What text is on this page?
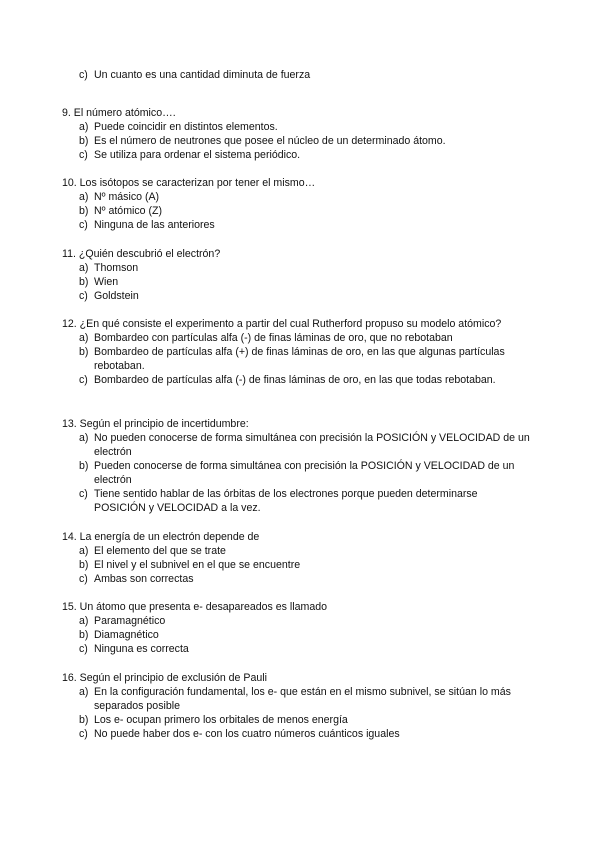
c) Un cuanto es una cantidad diminuta de fuerza
9. El número atómico….
a) Puede coincidir en distintos elementos.
b) Es el número de neutrones que posee el núcleo de un determinado átomo.
c) Se utiliza para ordenar el sistema periódico.
10. Los isótopos se caracterizan por tener el mismo…
a) Nº másico (A)
b) Nº atómico (Z)
c) Ninguna de las anteriores
11. ¿Quién descubrió el electrón?
a) Thomson
b) Wien
c) Goldstein
12. ¿En qué consiste el experimento a partir del cual Rutherford propuso su modelo atómico?
a) Bombardeo con partículas alfa (-) de finas láminas de oro, que no rebotaban
b) Bombardeo de partículas alfa (+) de finas láminas de oro, en las que algunas partículas rebotaban.
c) Bombardeo de partículas alfa (-) de finas láminas de oro, en las que todas rebotaban.
13. Según el principio de incertidumbre:
a) No pueden conocerse de forma simultánea con precisión la POSICIÓN y VELOCIDAD de un electrón
b) Pueden conocerse de forma simultánea con precisión la POSICIÓN y VELOCIDAD de un electrón
c) Tiene sentido hablar de las órbitas de los electrones porque pueden determinarse POSICIÓN y VELOCIDAD a la vez.
14. La energía de un electrón depende de
a) El elemento del que se trate
b) El nivel y el subnivel en el que se encuentre
c) Ambas son correctas
15. Un átomo que presenta e- desapareados es llamado
a) Paramagnético
b) Diamagnético
c) Ninguna es correcta
16. Según el principio de exclusión de Pauli
a) En la configuración fundamental, los e- que están en el mismo subnivel, se sitúan lo más separados posible
b) Los e- ocupan primero los orbitales de menos energía
c) No puede haber dos e- con los cuatro números cuánticos iguales
